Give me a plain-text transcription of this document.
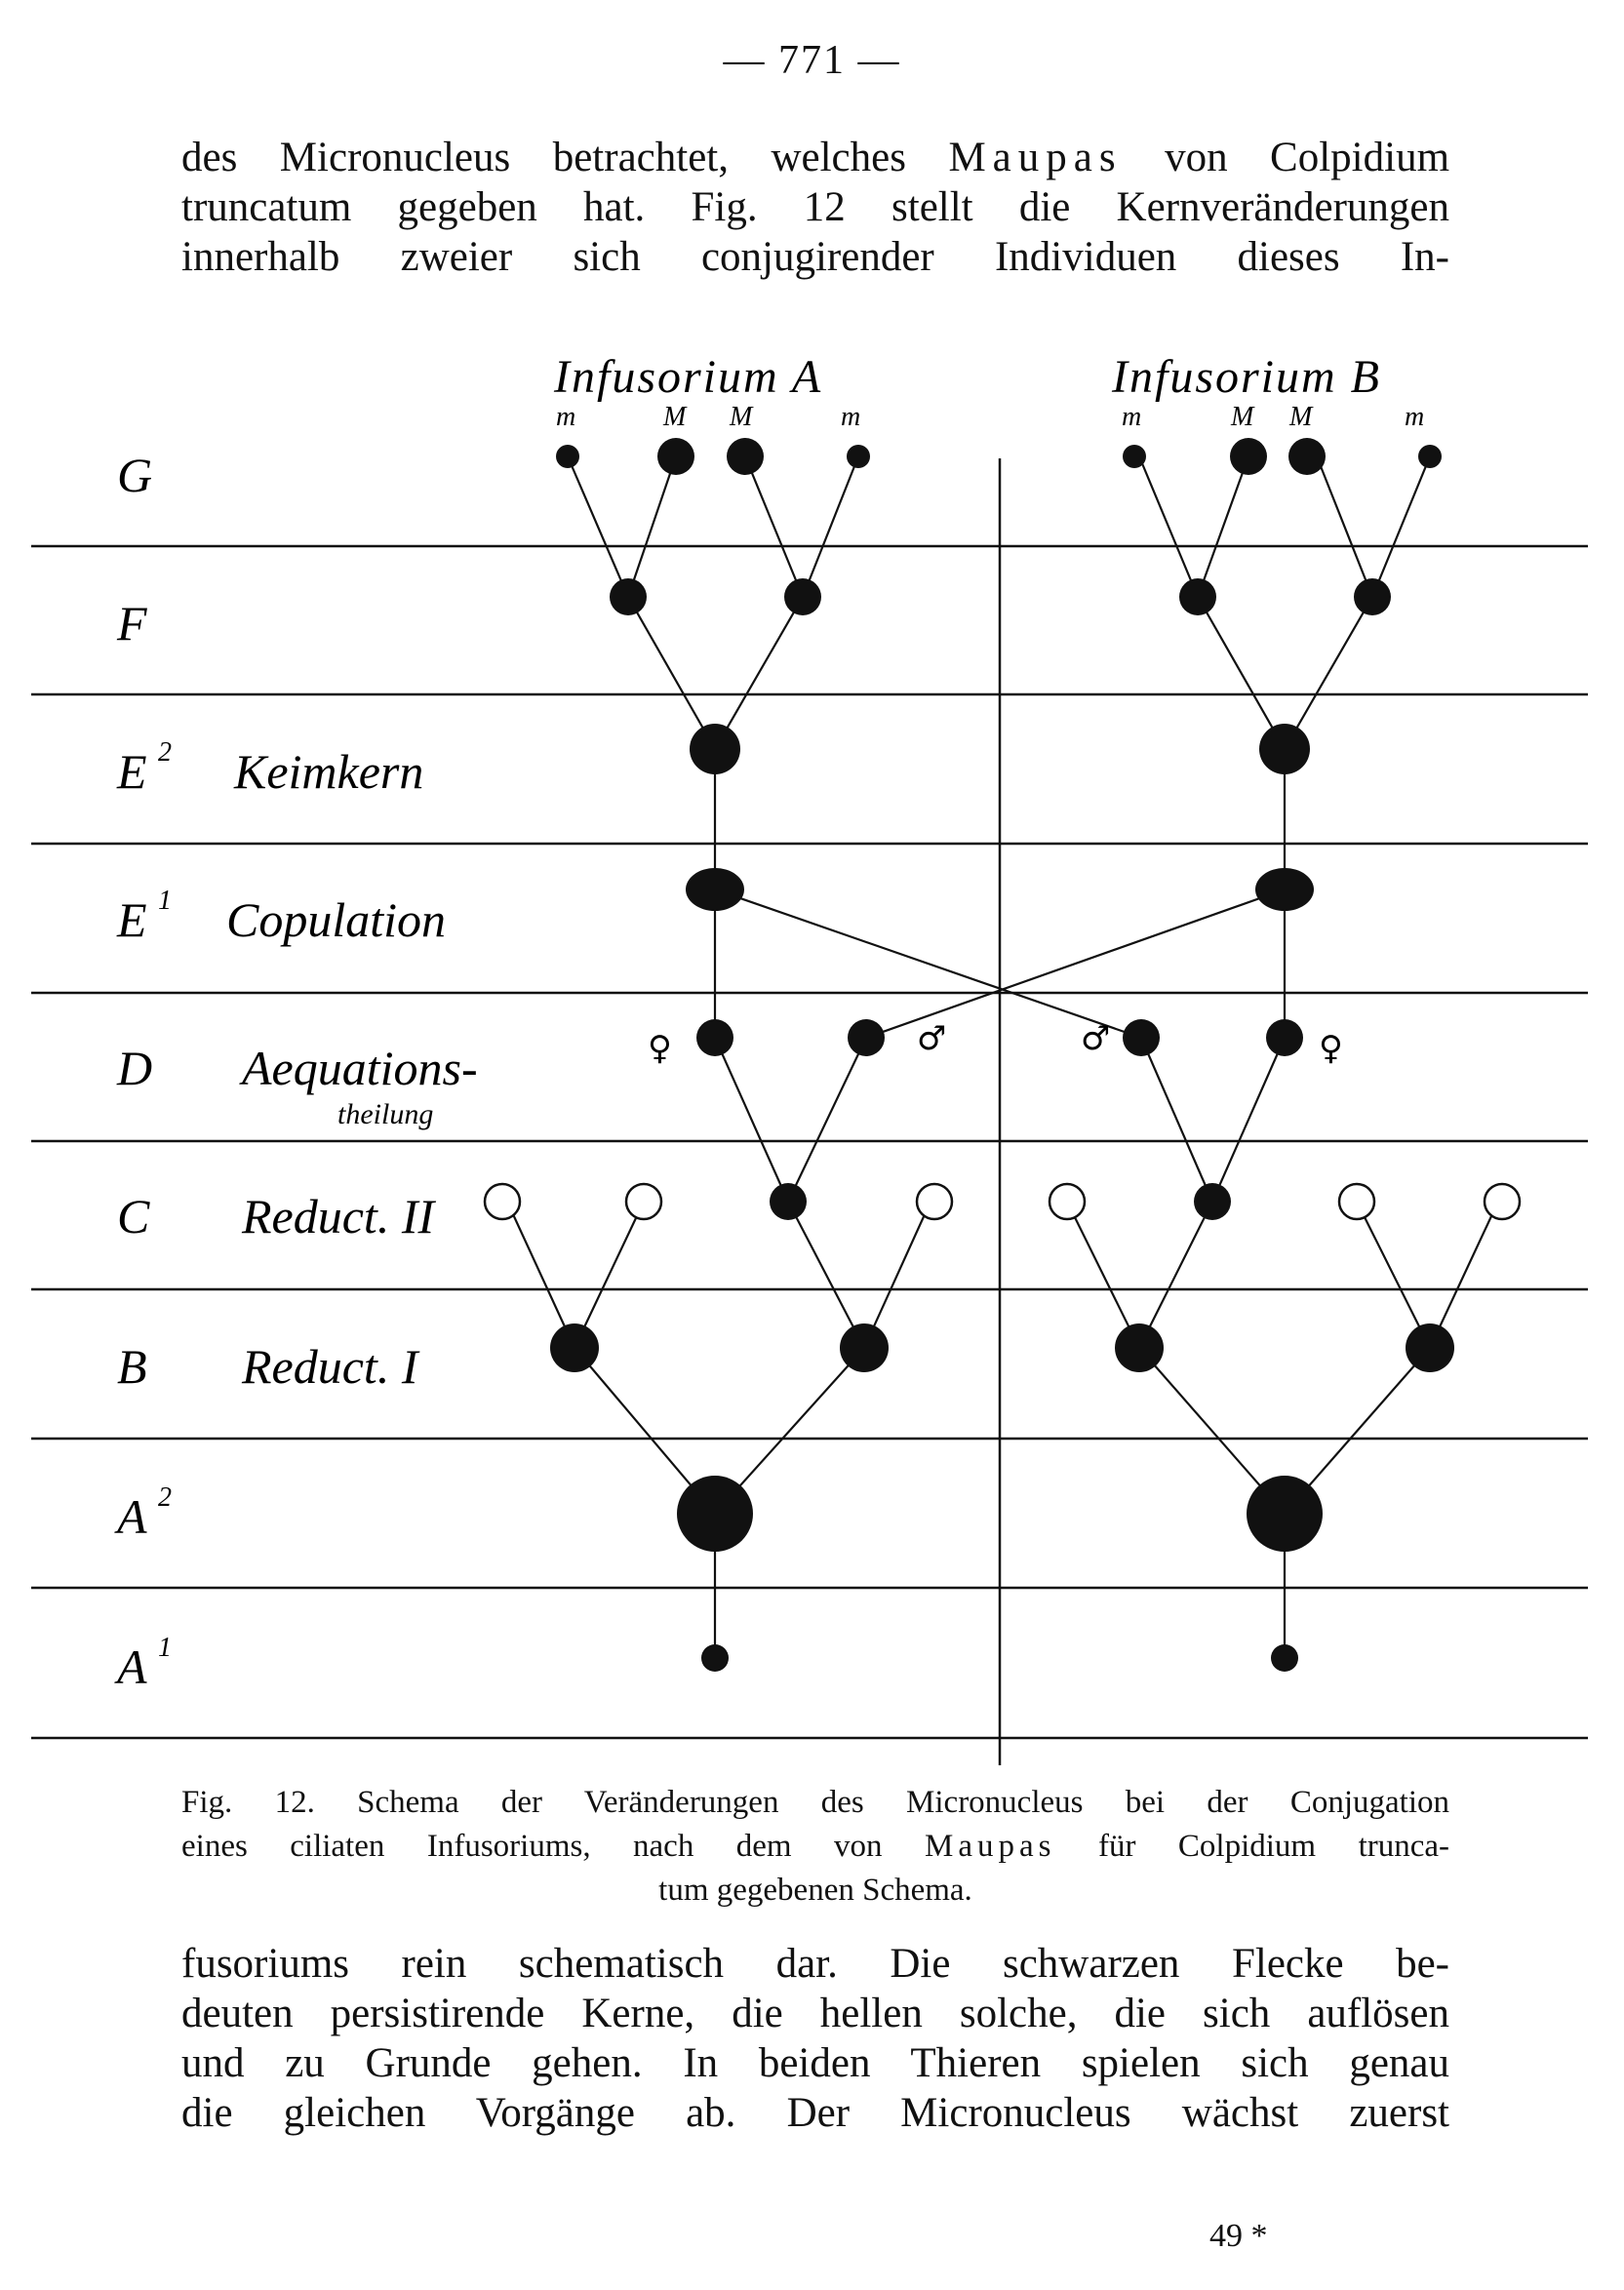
— 771 —
des Micronucleus betrachtet, welches Maupas von Colpidium
truncatum gegeben hat. Fig. 12 stellt die Kernveränderungen
innerhalb zweier sich conjugirender Individuen dieses In-
G
F
E 2 Keimkern
E 1 Copulation
D Aequations-
theilung
C Reduct. II
B Reduct. I
A 2
A 1
Infusorium A	Infusorium B
m	M M	m	m	M M	m
♀	♂	♂	♀
Fig. 12. Schema der Veränderungen des Micronucleus bei der Conjugation
eines ciliaten Infusoriums, nach dem von Maupas für Colpidium trunca-
tum gegebenen Schema.
fusoriums rein schematisch dar. Die schwarzen Flecke be-
deuten persistirende Kerne, die hellen solche, die sich auflösen
und zu Grunde gehen. In beiden Thieren spielen sich genau
die gleichen Vorgänge ab. Der Micronucleus wächst zuerst
49 *
